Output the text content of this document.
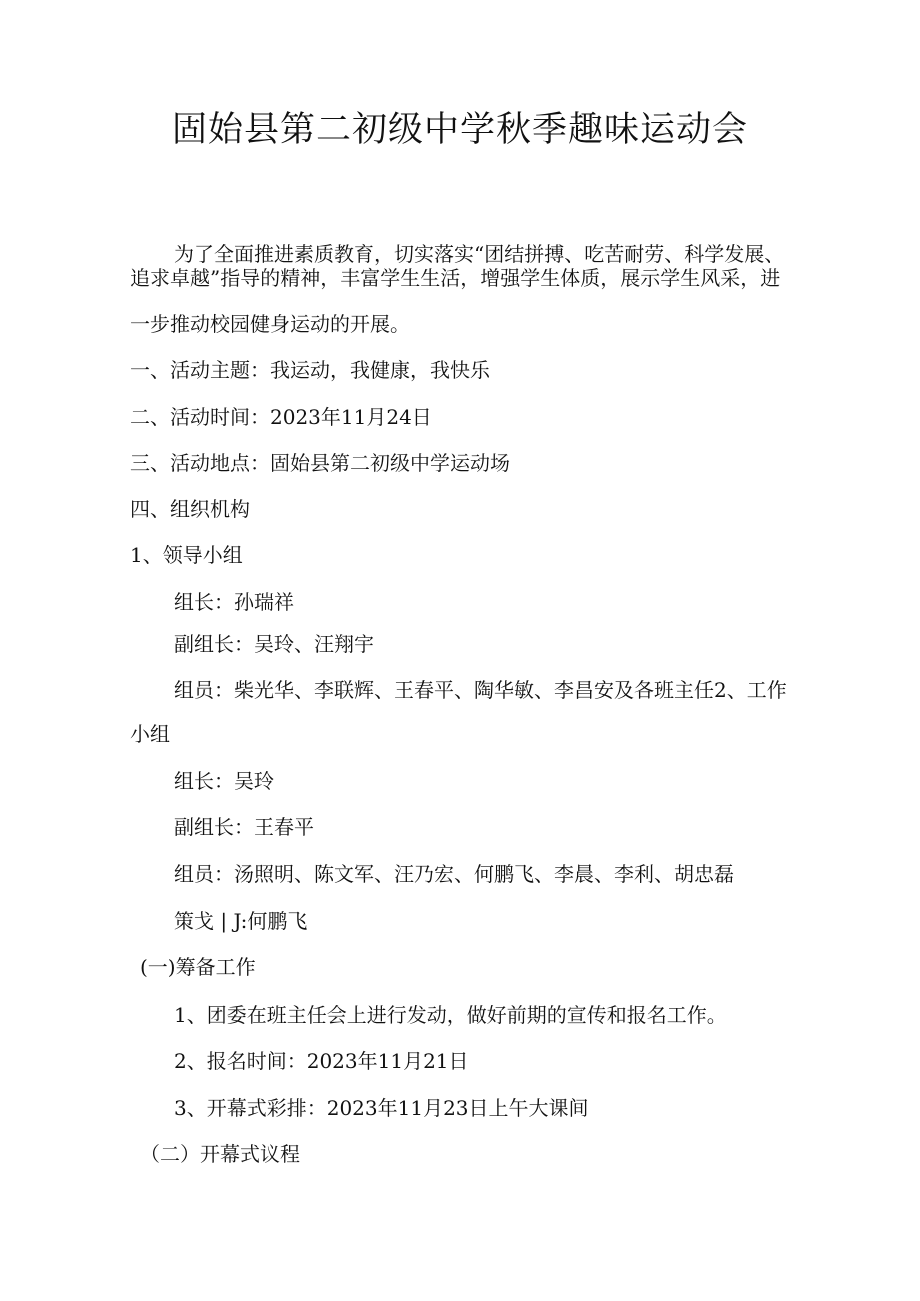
固始县第二初级中学秋季趣味运动会
为了全面推进素质教育，切实落实“团结拼搏、吃苦耐劳、科学发展、
追求卓越”指导的精神，丰富学生生活，增强学生体质，展示学生风采，进
一步推动校园健身运动的开展。
一、活动主题：我运动，我健康，我快乐
二、活动时间：2023年11月24日
三、活动地点：固始县第二初级中学运动场
四、组织机构
1、领导小组
组长：孙瑞祥
副组长：吴玲、汪翔宇
组员：柴光华、李联辉、王春平、陶华敏、李昌安及各班主任2、工作
小组
组长：吴玲
副组长：王春平
组员：汤照明、陈文军、汪乃宏、何鹏飞、李晨、李利、胡忠磊
策戈 | J:何鹏飞
(一)筹备工作
1、团委在班主任会上进行发动，做好前期的宣传和报名工作。
2、报名时间：2023年11月21日
3、开幕式彩排：2023年11月23日上午大课间
（二）开幕式议程
